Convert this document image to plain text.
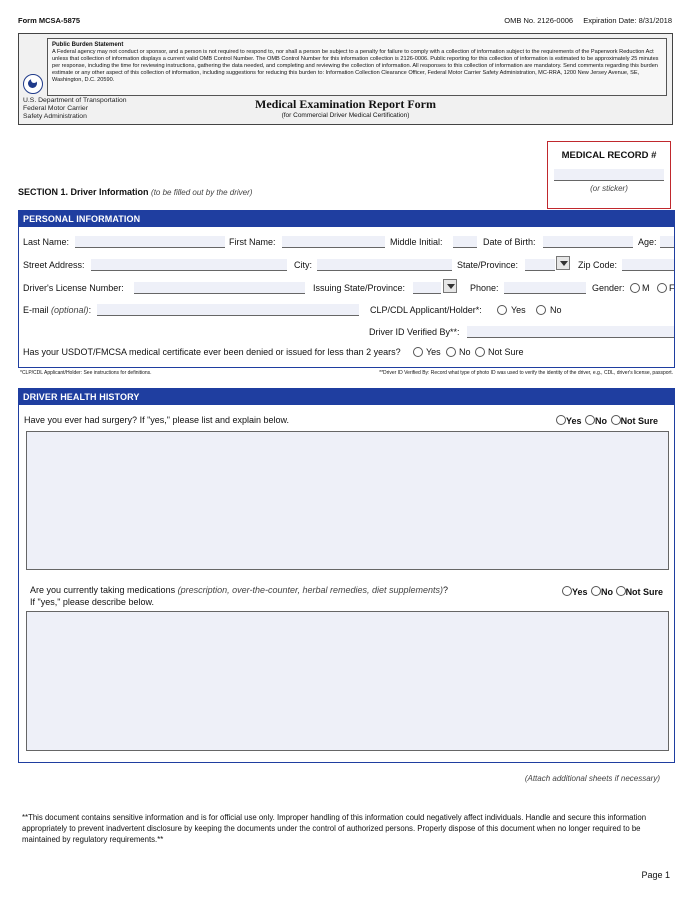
Form MCSA-5875	OMB No. 2126-0006 Expiration Date: 8/31/2018
Public Burden Statement
A Federal agency may not conduct or sponsor, and a person is not required to respond to, nor shall a person be subject to a penalty for failure to comply with a collection of information subject to the requirements of the Paperwork Reduction Act unless that collection of information displays a current valid OMB Control Number. The OMB Control Number for this information collection is 2126-0006. Public reporting for this collection of information is estimated to be approximately 25 minutes per response, including the time for reviewing instructions, gathering the data needed, and completing and reviewing the collection of information. All responses to this collection of information are mandatory. Send comments regarding this burden estimate or any other aspect of this collection of information, including suggestions for reducing this burden to: Information Collection Clearance Officer, Federal Motor Carrier Safety Administration, MC-RRA, 1200 New Jersey Avenue, SE, Washington, D.C. 20590.
U.S. Department of Transportation
Federal Motor Carrier
Safety Administration
Medical Examination Report Form
(for Commercial Driver Medical Certification)
MEDICAL RECORD #
(or sticker)
SECTION 1. Driver Information (to be filled out by the driver)
PERSONAL INFORMATION
Last Name:	First Name:	Middle Initial:	Date of Birth:	Age:
Street Address:	City:	State/Province:	Zip Code:
Driver's License Number:	Issuing State/Province:	Phone:	Gender: M F
E-mail (optional):	CLP/CDL Applicant/Holder*:	Yes	No
Driver ID Verified By**:
Has your USDOT/FMCSA medical certificate ever been denied or issued for less than 2 years?	Yes No Not Sure
*CLP/CDL Applicant/Holder: See instructions for definitions.	**Driver ID Verified By: Record what type of photo ID was used to verify the identity of the driver, e.g., CDL, driver's license, passport.
DRIVER HEALTH HISTORY
Have you ever had surgery? If "yes," please list and explain below.	Yes No Not Sure
Are you currently taking medications (prescription, over-the-counter, herbal remedies, diet supplements)?
If "yes," please describe below.
Yes No Not Sure
(Attach additional sheets if necessary)
**This document contains sensitive information and is for official use only. Improper handling of this information could negatively affect individuals. Handle and secure this information appropriately to prevent inadvertent disclosure by keeping the documents under the control of authorized persons. Properly dispose of this document when no longer required to be maintained by regulatory requirements.**
Page 1
